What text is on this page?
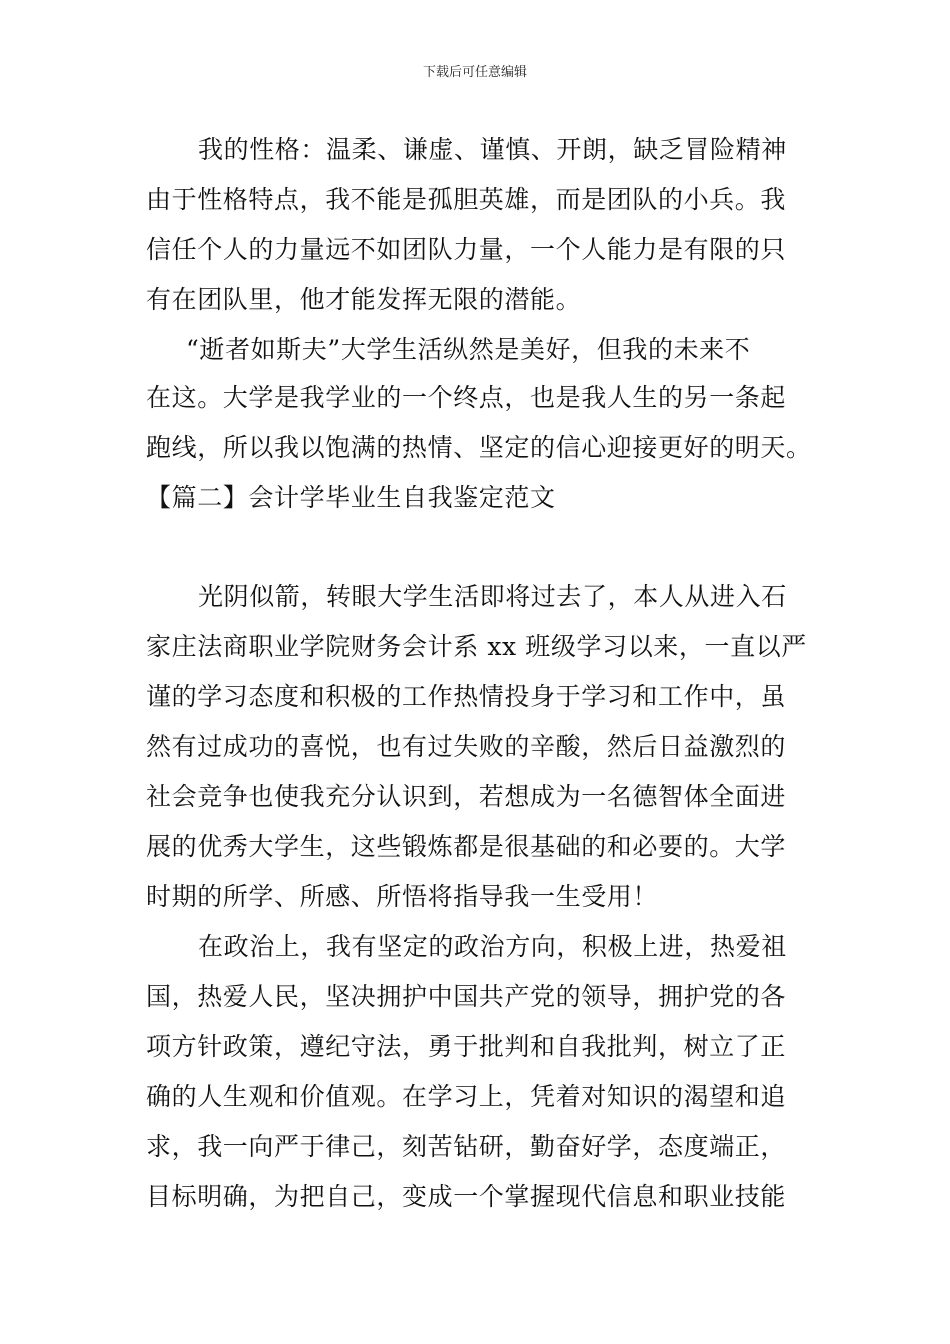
下载后可任意编辑
我的性格：温柔、谦虚、谨慎、开朗，缺乏冒险精神
由于性格特点，我不能是孤胆英雄，而是团队的小兵。我
信任个人的力量远不如团队力量，一个人能力是有限的只
有在团队里，他才能发挥无限的潜能。
“逝者如斯夫”大学生活纵然是美好，但我的未来不
在这。大学是我学业的一个终点，也是我人生的另一条起
跑线，所以我以饱满的热情、坚定的信心迎接更好的明天。
【篇二】会计学毕业生自我鉴定范文
光阴似箭，转眼大学生活即将过去了，本人从进入石
家庄法商职业学院财务会计系 xx 班级学习以来，一直以严
谨的学习态度和积极的工作热情投身于学习和工作中，虽
然有过成功的喜悦，也有过失败的辛酸，然后日益激烈的
社会竞争也使我充分认识到，若想成为一名德智体全面进
展的优秀大学生，这些锻炼都是很基础的和必要的。大学
时期的所学、所感、所悟将指导我一生受用！
在政治上，我有坚定的政治方向，积极上进，热爱祖
国，热爱人民，坚决拥护中国共产党的领导，拥护党的各
项方针政策，遵纪守法，勇于批判和自我批判，树立了正
确的人生观和价值观。在学习上，凭着对知识的渴望和追
求，我一向严于律己，刻苦钻研，勤奋好学，态度端正，
目标明确，为把自己，变成一个掌握现代信息和职业技能
